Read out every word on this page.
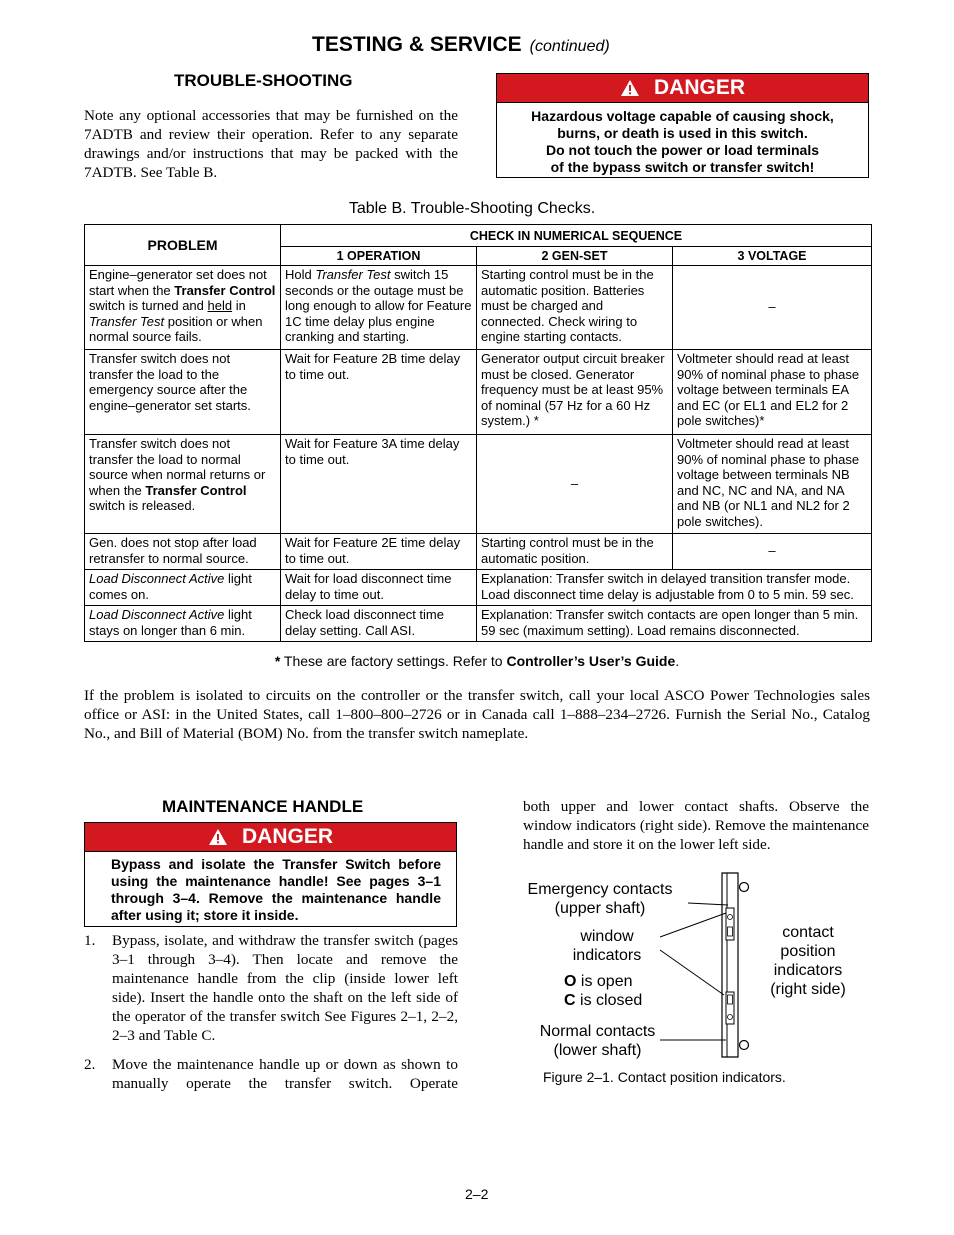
TESTING & SERVICE (continued)
TROUBLE-SHOOTING
Note any optional accessories that may be furnished on the 7ADTB and review their operation. Refer to any separate drawings and/or instructions that may be packed with the 7ADTB. See Table B.
DANGER
Hazardous voltage capable of causing shock,
burns, or death is used in this switch.
Do not touch the power or load terminals
of the bypass switch or transfer switch!
Table B. Trouble-Shooting Checks.
PROBLEM	CHECK IN NUMERICAL SEQUENCE		
	1 OPERATION	2 GEN-SET	3 VOLTAGE
Engine–generator set does not start when the Transfer Control switch is turned and held in Transfer Test position or when normal source fails.	Hold Transfer Test switch 15 seconds or the outage must be long enough to allow for Feature 1C time delay plus engine cranking and starting.	Starting control must be in the automatic position. Batteries must be charged and connected. Check wiring to engine starting contacts.	–
Transfer switch does not transfer the load to the emergency source after the engine–generator set starts.	Wait for Feature 2B time delay to time out.	Generator output circuit breaker must be closed. Generator frequency must be at least 95% of nominal (57 Hz for a 60 Hz system.) *	Voltmeter should read at least 90% of nominal phase to phase voltage between terminals EA and EC (or EL1 and EL2 for 2 pole switches)*
Transfer switch does not transfer the load to normal source when normal returns or when the Transfer Control switch is released.	Wait for Feature 3A time delay to time out.	–	Voltmeter should read at least 90% of nominal phase to phase voltage between terminals NB and NC, NC and NA, and NA and NB (or NL1 and NL2 for 2 pole switches).
Gen. does not stop after load retransfer to normal source.	Wait for Feature 2E time delay to time out.	Starting control must be in the automatic position.	–
Load Disconnect Active light comes on.	Wait for load disconnect time delay to time out.	Explanation: Transfer switch in delayed transition transfer mode. Load disconnect time delay is adjustable from 0 to 5 min. 59 sec.	
Load Disconnect Active light stays on longer than 6 min.	Check load disconnect time delay setting. Call ASI.	Explanation: Transfer switch contacts are open longer than 5 min. 59 sec (maximum setting). Load remains disconnected.	
* These are factory settings. Refer to Controller’s User’s Guide.
If the problem is isolated to circuits on the controller or the transfer switch, call your local ASCO Power Technologies sales office or ASI: in the United States, call 1–800–800–2726 or in Canada call 1–888–234–2726. Furnish the Serial No., Catalog No., and Bill of Material (BOM) No. from the transfer switch nameplate.
MAINTENANCE HANDLE
DANGER
Bypass and isolate the Transfer Switch before using the maintenance handle! See pages 3–1 through 3–4. Remove the maintenance handle after using it; store it inside.
1. Bypass, isolate, and withdraw the transfer switch (pages 3–1 through 3–4). Then locate and remove the maintenance handle from the clip (inside lower left side). Insert the handle onto the shaft on the left side of the operator of the transfer switch See Figures 2–1, 2–2, 2–3 and Table C.
2. Move the maintenance handle up or down as shown to manually operate the transfer switch. Operate
both upper and lower contact shafts. Observe the window indicators (right side). Remove the maintenance handle and store it on the lower left side.
Emergency contacts
(upper shaft)
window
indicators
O is open
C is closed
Normal contacts
(lower shaft)
contact
position
indicators
(right side)
Figure 2–1. Contact position indicators.
2–2
